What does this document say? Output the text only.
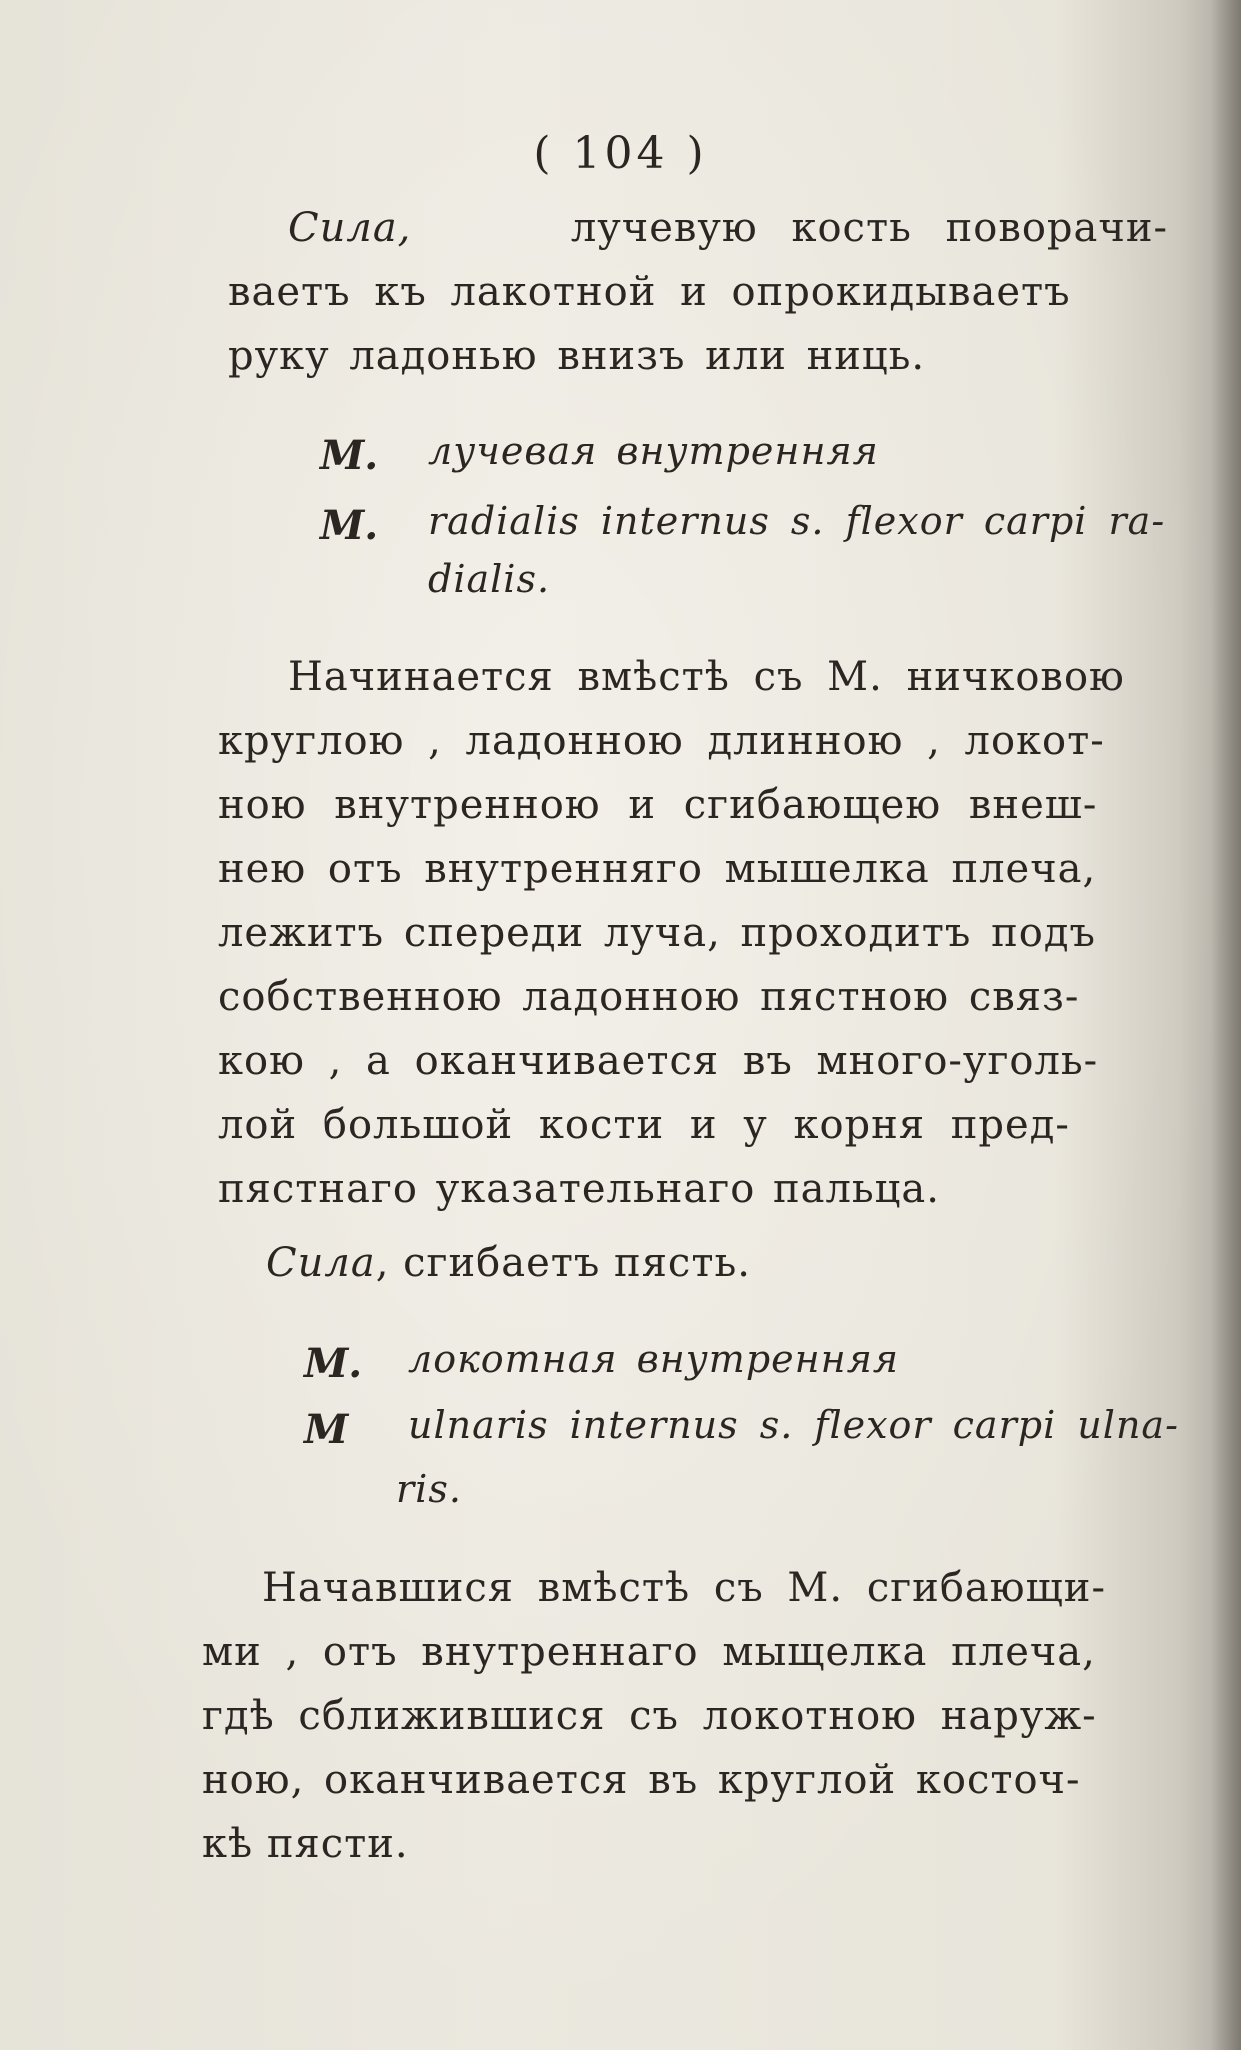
( 104 )
Сила,	лучевую кость поворачи-
ваетъ къ лакотной и опрокидываетъ
руку ладонью внизъ или ниць.
M. лучевая внутренняя
M. radialis internus s. flexor carpi ra-
dialis.
Начинается вмѣстѣ съ М. ничковою
круглою , ладонною длинною , локот-
ною внутренною и сгибающею внеш-
нею отъ внутренняго мышелка плеча,
лежитъ спереди луча, проходитъ подъ
собственною ладонною пястною связ-
кою , а оканчивается въ много-уголь-
лой большой кости и у корня пред-
пястнаго указательнаго пальца.
Сила, сгибаетъ пясть.
M. локотная внутренняя
M ulnaris internus s. flexor carpi ulna-
ris.
Начавшися вмѣстѣ съ М. сгибающи-
ми , отъ внутреннаго мыщелка плеча,
гдѣ сближившися съ локотною наруж-
ною, оканчивается въ круглой косточ-
кѣ пясти.
